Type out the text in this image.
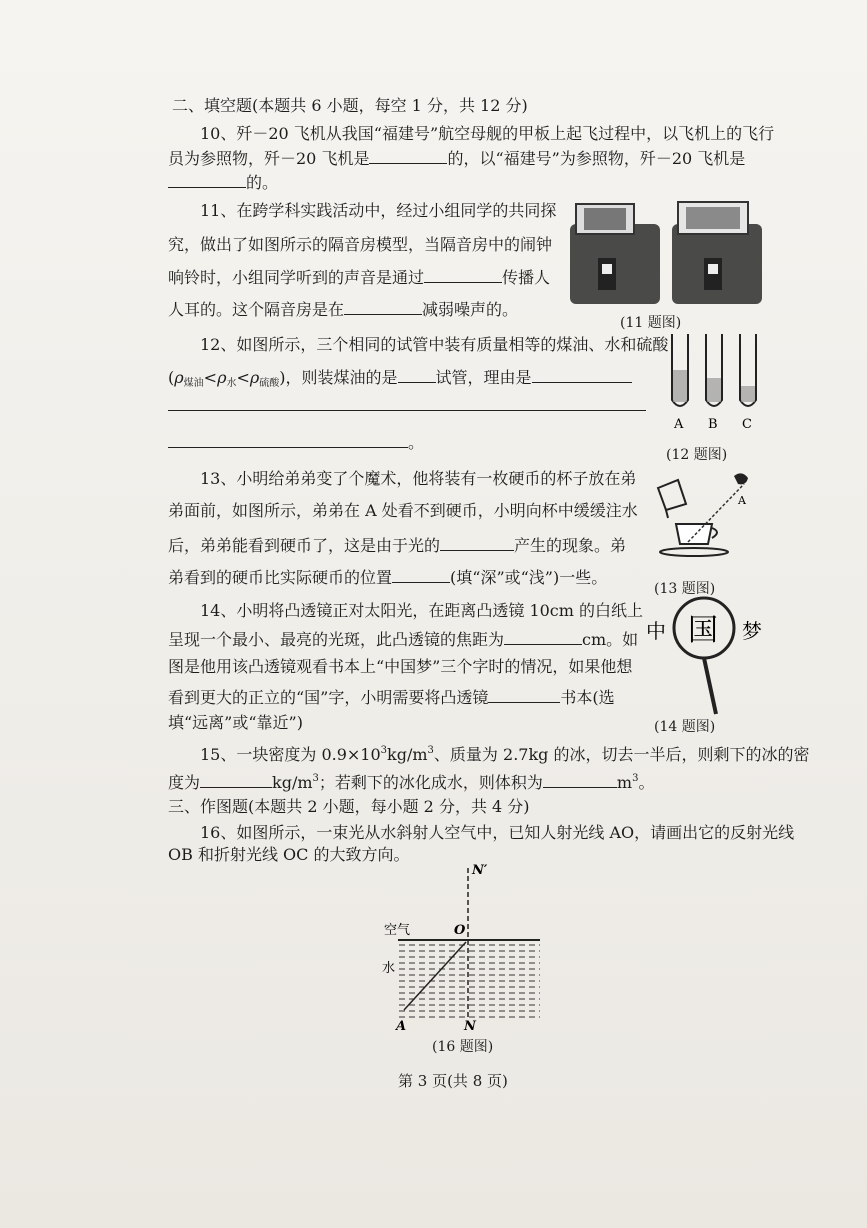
二、填空题(本题共 6 小题，每空 1 分，共 12 分)
10、歼－20 飞机从我国“福建号”航空母舰的甲板上起飞过程中，以飞机上的飞行
员为参照物，歼－20 飞机是	的，以“福建号”为参照物，歼－20 飞机是
的。
11、在跨学科实践活动中，经过小组同学的共同探
究，做出了如图所示的隔音房模型，当隔音房中的闹钟
响铃时，小组同学听到的声音是通过	传播人
人耳的。这个隔音房是在	减弱噪声的。
(11 题图)
12、如图所示，三个相同的试管中装有质量相等的煤油、水和硫酸
$(\rho_{煤油}<\rho_水<\rho_{硫酸})$，则装煤油的是 试管，理由是
。
A B C
(12 题图)
13、小明给弟弟变了个魔术，他将装有一枚硬币的杯子放在弟
弟面前，如图所示，弟弟在 A 处看不到硬币，小明向杯中缓缓注水
后，弟弟能看到硬币了，这是由于光的	产生的现象。弟
弟看到的硬币比实际硬币的位置	(填“深”或“浅”)一些。
A
(13 题图)
14、小明将凸透镜正对太阳光，在距离凸透镜 10cm 的白纸上
呈现一个最小、最亮的光斑，此凸透镜的焦距为	cm。如
图是他用该凸透镜观看书本上“中国梦”三个字时的情况，如果他想
看到更大的正立的“国”字，小明需要将凸透镜	书本(选
填“远离”或“靠近”)
中 国 梦
(14 题图)
15、一块密度为 $0.9\times 10^3kg/m^3$、质量为 2.7kg 的冰，切去一半后，则剩下的冰的密
度为	$kg/m^3$；若剩下的冰化成水，则体积为	$m^3$。
三、作图题(本题共 2 小题，每小题 2 分，共 4 分)
16、如图所示，一束光从水斜射人空气中，已知人射光线 AO，请画出它的反射光线
OB 和折射光线 OC 的大致方向。
N′
O
空气
水
A	N
(16 题图)
第 3 页(共 8 页)
